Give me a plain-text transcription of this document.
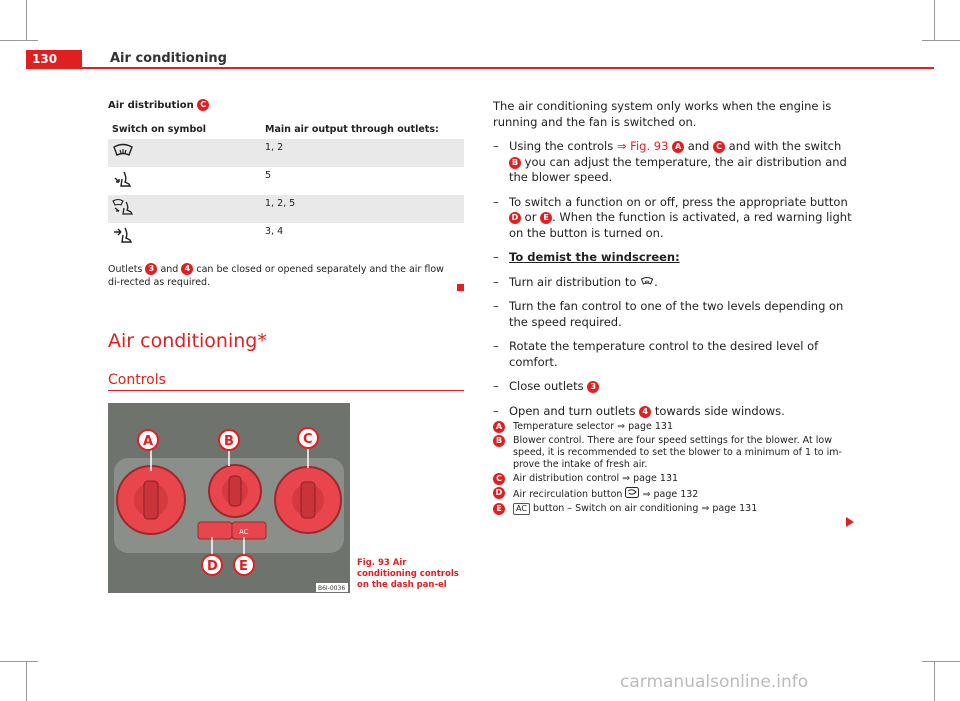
130	Air conditioning
Air distribution C
Switch on symbol	Main air output through outlets:
	1, 2
	5
	1, 2, 5
	3, 4
Outlets 3 and 4 can be closed or opened separately and the air flow di-rected as required.
Air conditioning*
Controls
AC
A	B	C
D E
B6I-0036
Fig. 93 Air conditioning controls on the dash pan-el

The air conditioning system only works when the engine is running and the fan is switched on.

– Using the controls ⇒ Fig. 93 A and C and with the switch B you can adjust the temperature, the air distribution and the blower speed.
– To switch a function on or off, press the appropriate button D or E . When the function is activated, a red warning light on the button is turned on.
– To demist the windscreen:
– Turn air distribution to .
– Turn the fan control to one of the two levels depending on the speed required.
– Rotate the temperature control to the desired level of comfort.
– Close outlets 3
– Open and turn outlets 4 towards side windows.
A	Temperature selector ⇒ page 131
B	Blower control. There are four speed settings for the blower. At low speed, it is recommended to set the blower to a minimum of 1 to im-prove the intake of fresh air.
C	Air distribution control ⇒ page 131
D Air recirculation button ⇒ page 132
E	AC button – Switch on air conditioning ⇒ page 131
carmanualsonline.info
